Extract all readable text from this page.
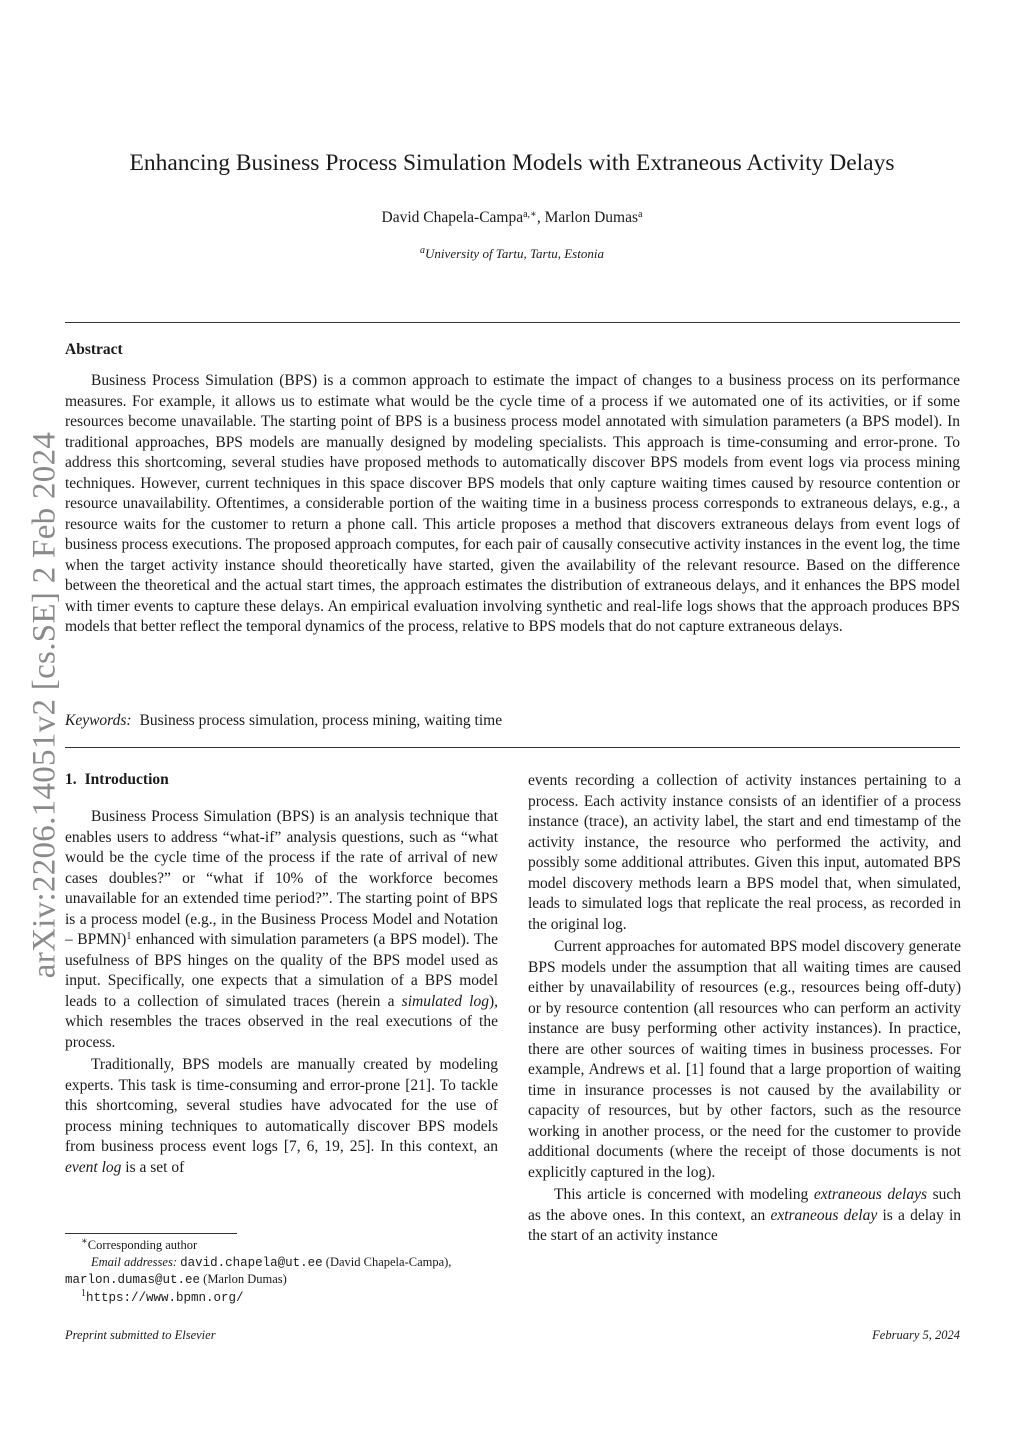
arXiv:2206.14051v2 [cs.SE] 2 Feb 2024
Enhancing Business Process Simulation Models with Extraneous Activity Delays
David Chapela-Campa$^{a,∗}$, Marlon Dumas$^a$
$^a$University of Tartu, Tartu, Estonia
Abstract

Business Process Simulation (BPS) is a common approach to estimate the impact of changes to a business process on its performance measures. For example, it allows us to estimate what would be the cycle time of a process if we automated one of its activities, or if some resources become unavailable. The starting point of BPS is a business process model annotated with simulation parameters (a BPS model). In traditional approaches, BPS models are manually designed by modeling specialists. This approach is time-consuming and error-prone. To address this shortcoming, several studies have proposed methods to automatically discover BPS models from event logs via process mining techniques. However, current techniques in this space discover BPS models that only capture waiting times caused by resource contention or resource unavailability. Oftentimes, a considerable portion of the waiting time in a business process corresponds to extraneous delays, e.g., a resource waits for the customer to return a phone call. This article proposes a method that discovers extraneous delays from event logs of business process executions. The proposed approach computes, for each pair of causally consecutive activity instances in the event log, the time when the target activity instance should theoretically have started, given the availability of the relevant resource. Based on the difference between the theoretical and the actual start times, the approach estimates the distribution of extraneous delays, and it enhances the BPS model with timer events to capture these delays. An empirical evaluation involving synthetic and real-life logs shows that the approach produces BPS models that better reflect the temporal dynamics of the process, relative to BPS models that do not capture extraneous delays.

Keywords: Business process simulation, process mining, waiting time
1. Introduction

Business Process Simulation (BPS) is an analysis technique that enables users to address “what-if” analysis questions, such as “what would be the cycle time of the process if the rate of arrival of new cases doubles?” or “what if 10% of the workforce becomes unavailable for an extended time period?”. The starting point of BPS is a process model (e.g., in the Business Process Model and Notation – BPMN)$^1$ enhanced with simulation parameters (a BPS model). The usefulness of BPS hinges on the quality of the BPS model used as input. Specifically, one expects that a simulation of a BPS model leads to a collection of simulated traces (herein a simulated log), which resembles the traces observed in the real executions of the process.

Traditionally, BPS models are manually created by modeling experts. This task is time-consuming and error-prone [21]. To tackle this shortcoming, several studies have advocated for the use of process mining techniques to automatically discover BPS models from business process event logs [7, 6, 19, 25]. In this context, an event log is a set of

events recording a collection of activity instances pertaining to a process. Each activity instance consists of an identifier of a process instance (trace), an activity label, the start and end timestamp of the activity instance, the resource who performed the activity, and possibly some additional attributes. Given this input, automated BPS model discovery methods learn a BPS model that, when simulated, leads to simulated logs that replicate the real process, as recorded in the original log.

Current approaches for automated BPS model discovery generate BPS models under the assumption that all waiting times are caused either by unavailability of resources (e.g., resources being off-duty) or by resource contention (all resources who can perform an activity instance are busy performing other activity instances). In practice, there are other sources of waiting times in business processes. For example, Andrews et al. [1] found that a large proportion of waiting time in insurance processes is not caused by the availability or capacity of resources, but by other factors, such as the resource working in another process, or the need for the customer to provide additional documents (where the receipt of those documents is not explicitly captured in the log).

This article is concerned with modeling extraneous delays such as the above ones. In this context, an extraneous delay is a delay in the start of an activity instance

∗Corresponding author

Email addresses: david.chapela@ut.ee (David Chapela-Campa), marlon.dumas@ut.ee (Marlon Dumas)

$^1$https://www.bpmn.org/

Preprint submitted to Elsevier	February 5, 2024
